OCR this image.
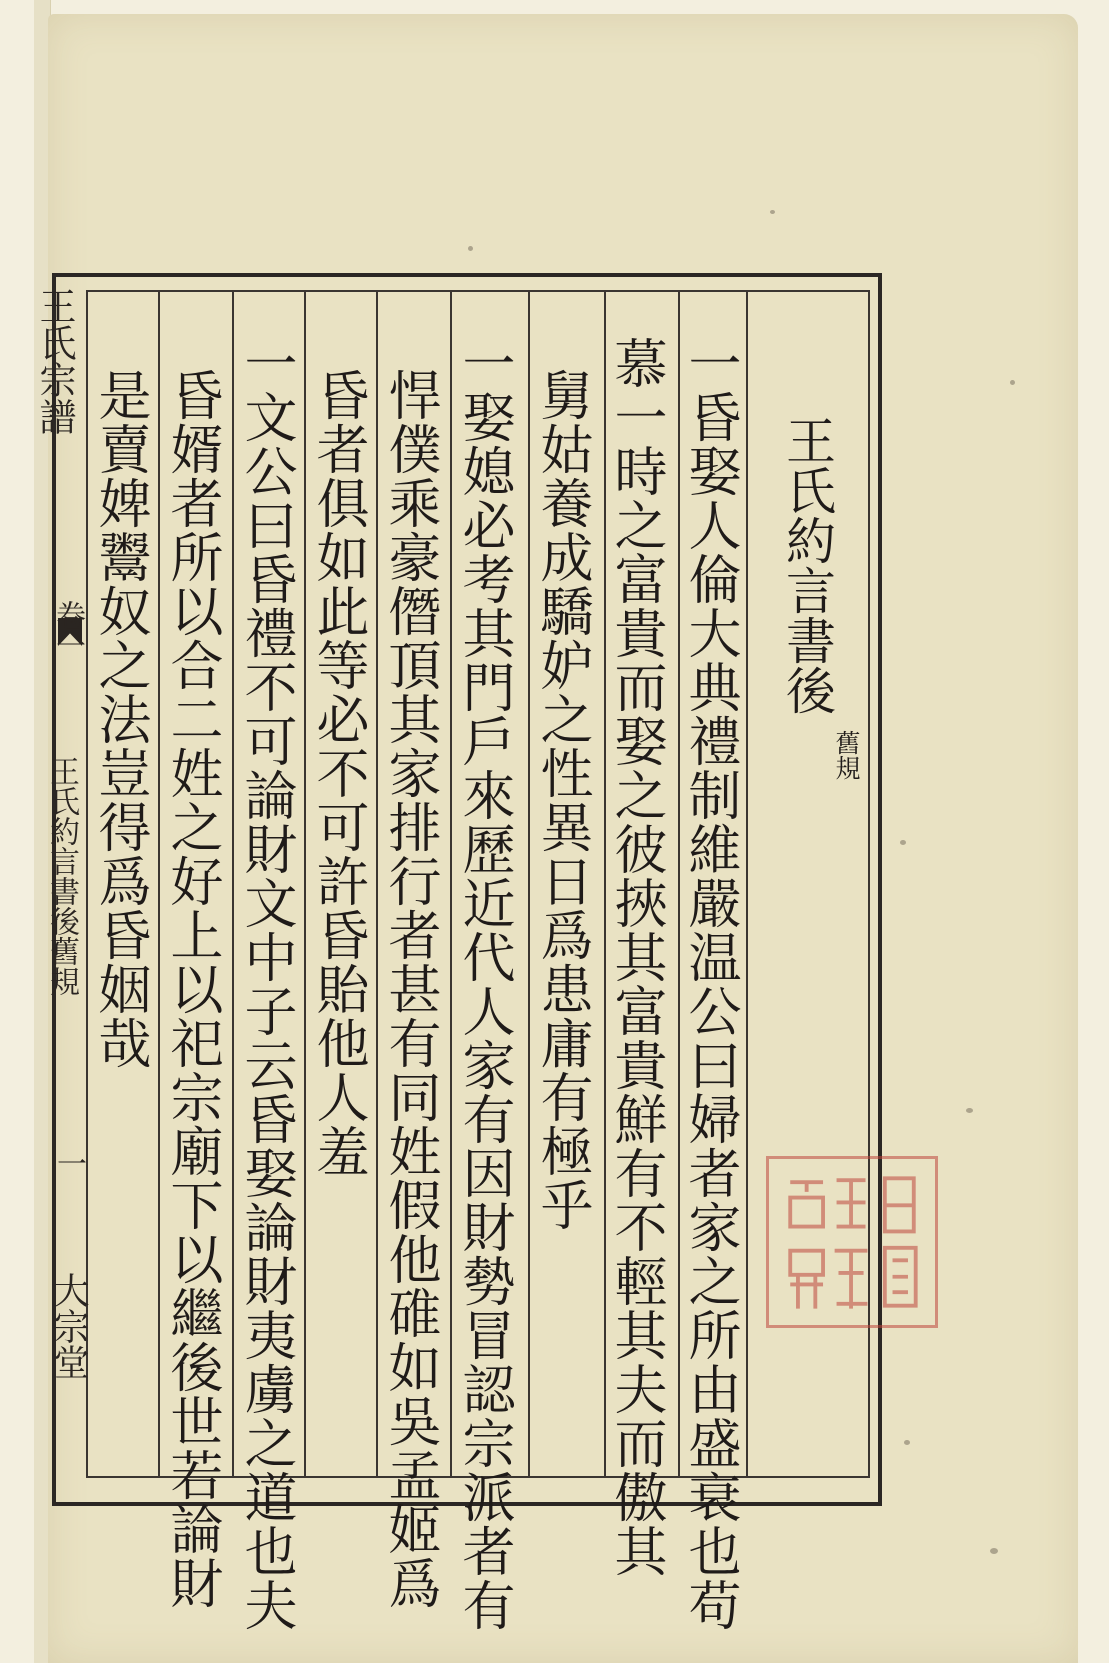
王氏宗譜
卷一
王氏約言書後舊規
一
大宗堂
王氏約言書後
舊規
一昏娶人倫大典禮制維嚴温公曰婦者家之所由盛衰也苟
慕一時之富貴而娶之彼挾其富貴鮮有不輕其夫而傲其
舅姑養成驕妒之性異日爲患庸有極乎
一娶媳必考其門戶來歷近代人家有因財勢冒認宗派者有
悍僕乘豪僭頂其家排行者甚有同姓假他碓如吳孟姬爲
昏者俱如此等必不可許昏貽他人羞
一文公曰昏禮不可論財文中子云昏娶論財夷虜之道也夫
昏婿者所以合二姓之好上以祀宗廟下以繼後世若論財
是賣婢鬻奴之法豈得爲昏姻哉
